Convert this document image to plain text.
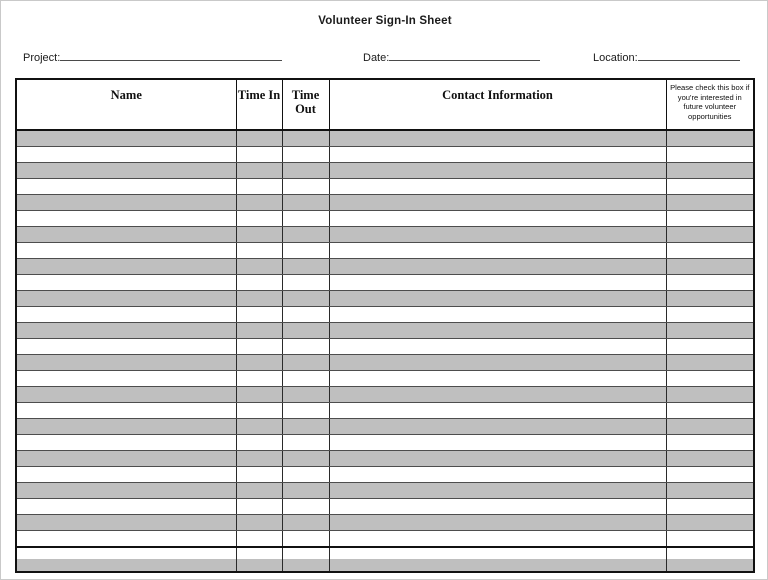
Volunteer Sign-In Sheet
Project:	Date:	Location:
Name	Time In	Time Out	Contact Information	Please check this box if you're interested in future volunteer opportunities
